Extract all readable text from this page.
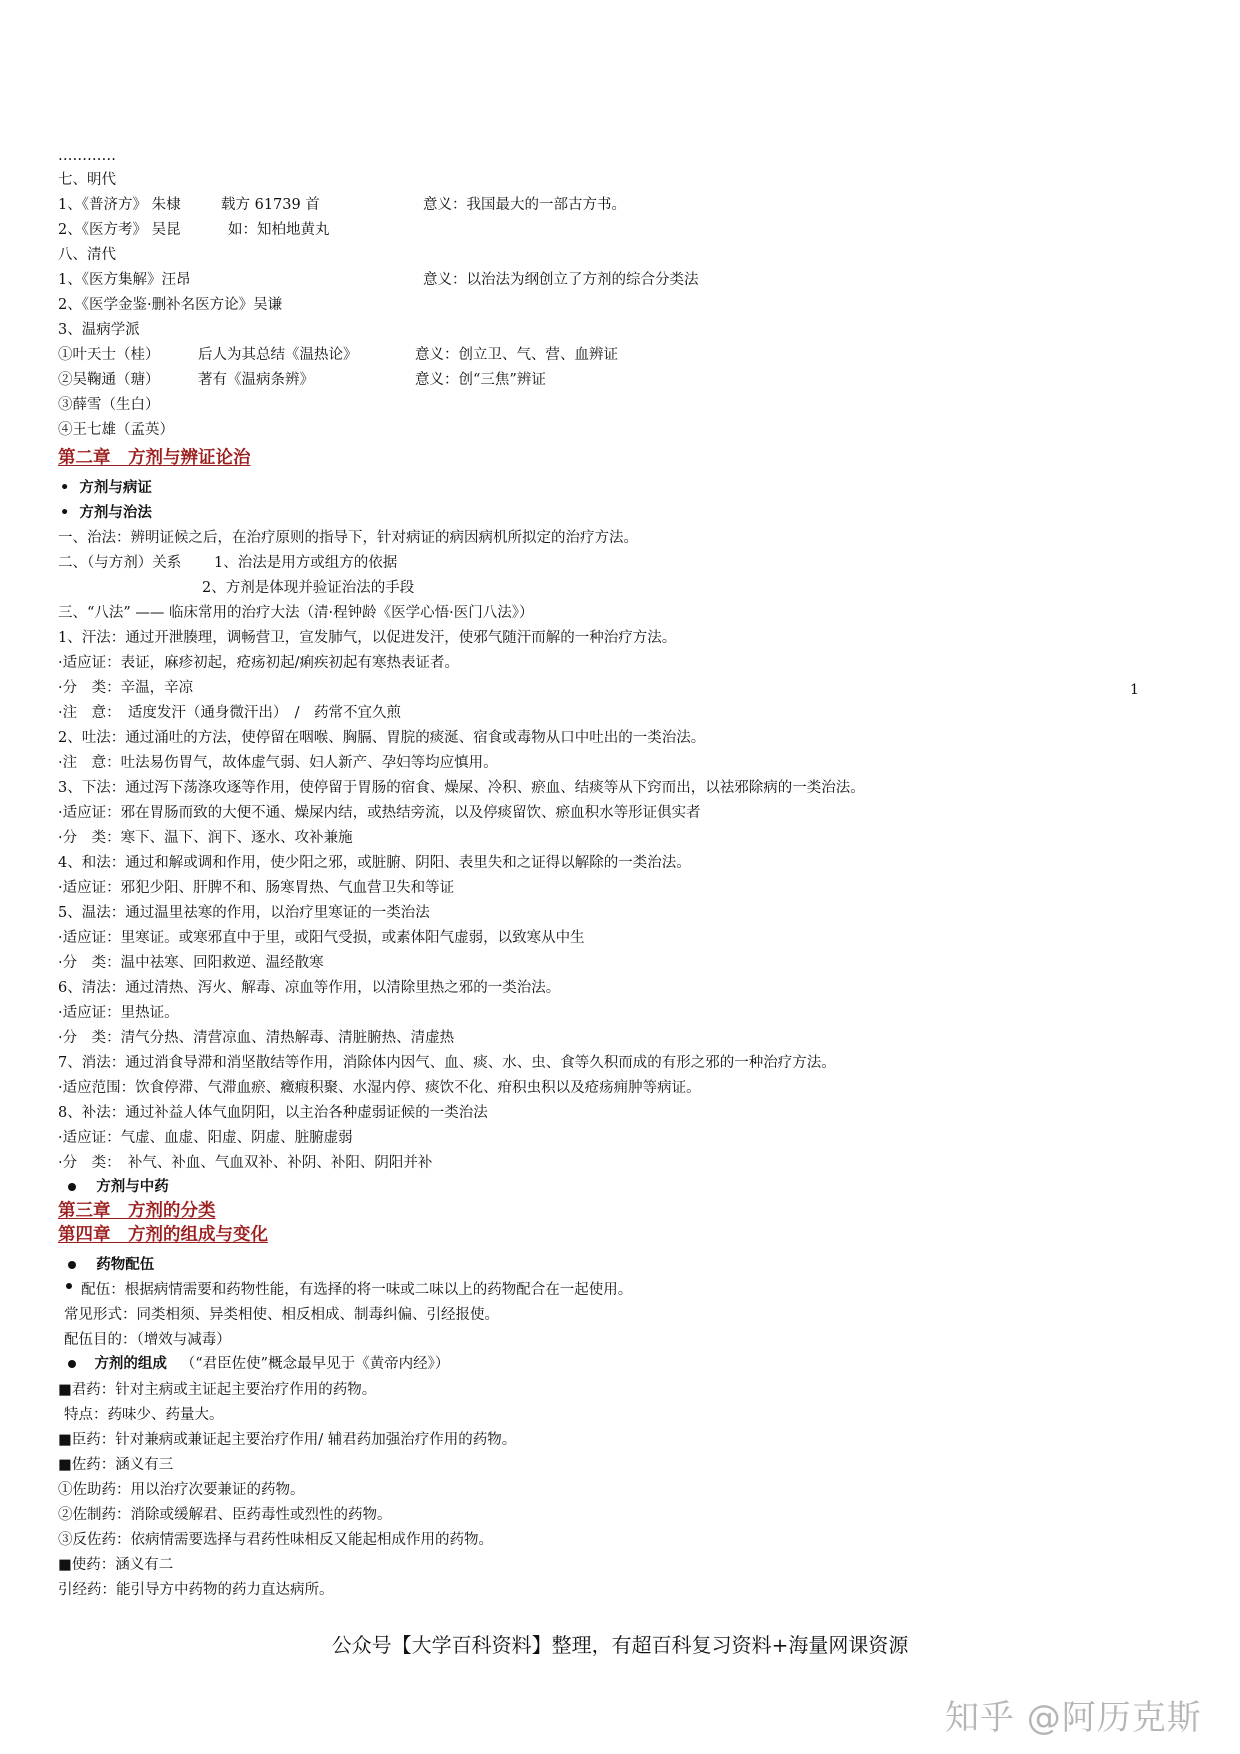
…………
七、明代
1、《普济方》 朱棣	载方 61739 首	意义：我国最大的一部古方书。
2、《医方考》 吴昆	如：知柏地黄丸
八、清代
1、《医方集解》汪昂	意义：以治法为纲创立了方剂的综合分类法
2、《医学金鉴·删补名医方论》吴谦
3、温病学派
①叶天士（桂）	后人为其总结《温热论》	意义：创立卫、气、营、血辨证
②吴鞠通（瑭）	著有《温病条辨》	意义：创“三焦”辨证
③薛雪（生白）
④王七雄（孟英）
第二章　方剂与辨证论治
• 方剂与病证
• 方剂与治法
一、治法：辨明证候之后，在治疗原则的指导下，针对病证的病因病机所拟定的治疗方法。
二、（与方剂）关系 1、治法是用方或组方的依据
2、方剂是体现并验证治法的手段
三、“八法” —— 临床常用的治疗大法（清·程钟龄《医学心悟·医门八法》）
1、汗法：通过开泄腠理，调畅营卫，宣发肺气，以促进发汗，使邪气随汗而解的一种治疗方法。
·适应证：表证，麻疹初起，疮疡初起/痢疾初起有寒热表证者。
·分　类：辛温，辛凉
·注　意：　适度发汗（通身微汗出）　/　药常不宜久煎
2、吐法：通过涌吐的方法，使停留在咽喉、胸膈、胃脘的痰涎、宿食或毒物从口中吐出的一类治法。
·注　意：吐法易伤胃气，故体虚气弱、妇人新产、孕妇等均应慎用。
3、下法：通过泻下荡涤攻逐等作用，使停留于胃肠的宿食、燥屎、冷积、瘀血、结痰等从下窍而出，以祛邪除病的一类治法。
·适应证：邪在胃肠而致的大便不通、燥屎内结，或热结旁流，以及停痰留饮、瘀血积水等形证俱实者
·分　类：寒下、温下、润下、逐水、攻补兼施
4、和法：通过和解或调和作用，使少阳之邪，或脏腑、阴阳、表里失和之证得以解除的一类治法。
·适应证：邪犯少阳、肝脾不和、肠寒胃热、气血营卫失和等证
5、温法：通过温里祛寒的作用，以治疗里寒证的一类治法
·适应证：里寒证。或寒邪直中于里，或阳气受损，或素体阳气虚弱，以致寒从中生
·分　类：温中祛寒、回阳救逆、温经散寒
6、清法：通过清热、泻火、解毒、凉血等作用，以清除里热之邪的一类治法。
·适应证：里热证。
·分　类：清气分热、清营凉血、清热解毒、清脏腑热、清虚热
7、消法：通过消食导滞和消坚散结等作用，消除体内因气、血、痰、水、虫、食等久积而成的有形之邪的一种治疗方法。
·适应范围：饮食停滞、气滞血瘀、癥瘕积聚、水湿内停、痰饮不化、疳积虫积以及疮疡痈肿等病证。
8、补法：通过补益人体气血阴阳，以主治各种虚弱证候的一类治法
·适应证：气虚、血虚、阳虚、阴虚、脏腑虚弱
·分　类：　补气、补血、气血双补、补阴、补阳、阴阳并补
方剂与中药
第三章　方剂的分类
第四章　方剂的组成与变化
药物配伍
配伍：根据病情需要和药物性能，有选择的将一味或二味以上的药物配合在一起使用。
常见形式：同类相须、异类相使、相反相成、制毒纠偏、引经报使。
配伍目的：（增效与减毒）
方剂的组成 （“君臣佐使”概念最早见于《黄帝内经》）
■君药：针对主病或主证起主要治疗作用的药物。
特点：药味少、药量大。
■臣药：针对兼病或兼证起主要治疗作用/ 辅君药加强治疗作用的药物。
■佐药：涵义有三
①佐助药：用以治疗次要兼证的药物。
②佐制药：消除或缓解君、臣药毒性或烈性的药物。
③反佐药：依病情需要选择与君药性味相反又能起相成作用的药物。
■使药：涵义有二
引经药：能引导方中药物的药力直达病所。
1
公众号【大学百科资料】整理，有超百科复习资料+海量网课资源
知乎 @阿历克斯
